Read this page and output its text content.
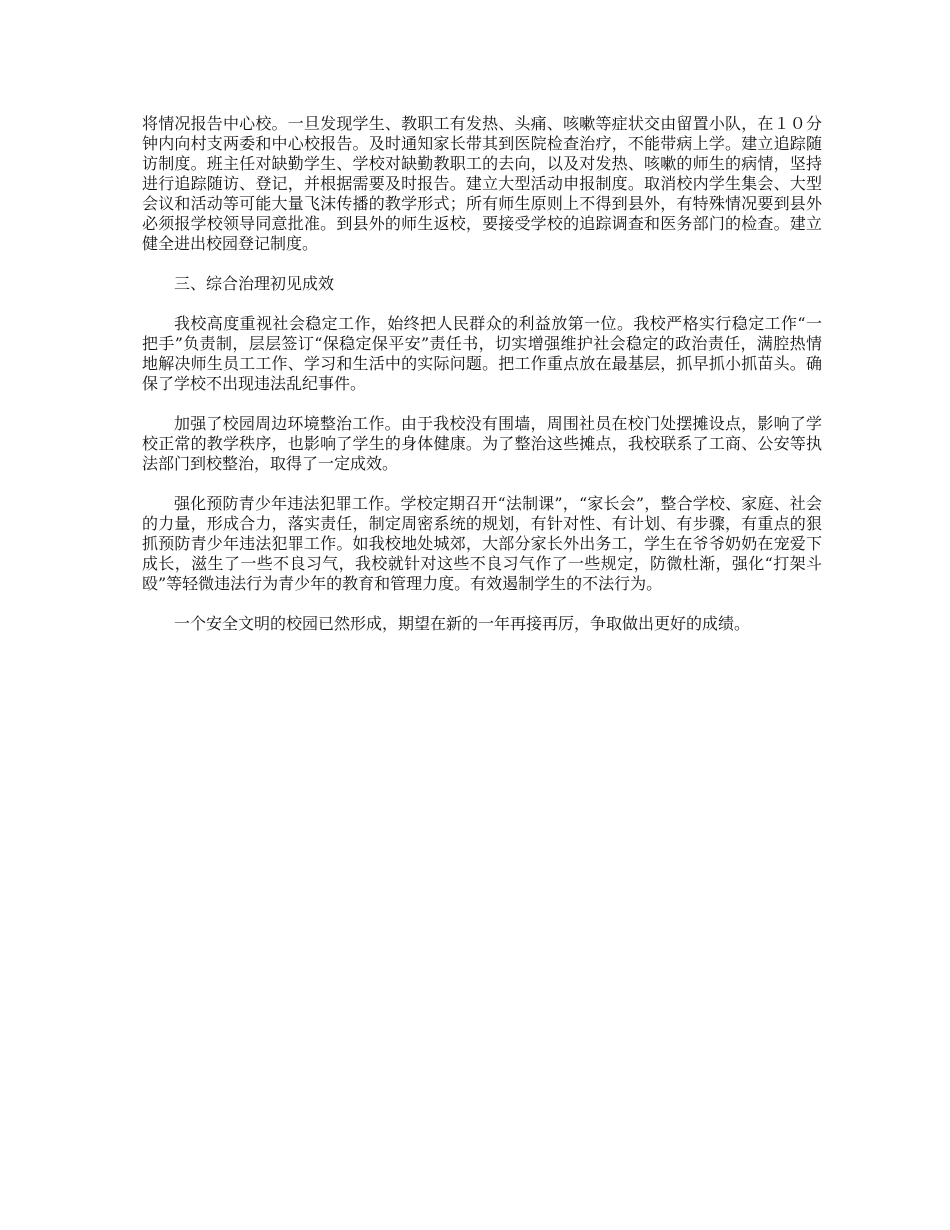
将情况报告中心校。一旦发现学生、教职工有发热、头痛、咳嗽等症状交由留置小队，在１０分钟内向村支两委和中心校报告。及时通知家长带其到医院检查治疗，不能带病上学。建立追踪随访制度。班主任对缺勤学生、学校对缺勤教职工的去向，以及对发热、咳嗽的师生的病情，坚持进行追踪随访、登记，并根据需要及时报告。建立大型活动申报制度。取消校内学生集会、大型会议和活动等可能大量飞沫传播的教学形式；所有师生原则上不得到县外，有特殊情况要到县外必须报学校领导同意批准。到县外的师生返校，要接受学校的追踪调查和医务部门的检查。建立健全进出校园登记制度。

三、综合治理初见成效

我校高度重视社会稳定工作，始终把人民群众的利益放第一位。我校严格实行稳定工作“一把手”负责制，层层签订“保稳定保平安”责任书，切实增强维护社会稳定的政治责任，满腔热情地解决师生员工工作、学习和生活中的实际问题。把工作重点放在最基层，抓早抓小抓苗头。确保了学校不出现违法乱纪事件。

加强了校园周边环境整治工作。由于我校没有围墙，周围社员在校门处摆摊设点，影响了学校正常的教学秩序，也影响了学生的身体健康。为了整治这些摊点，我校联系了工商、公安等执法部门到校整治，取得了一定成效。

强化预防青少年违法犯罪工作。学校定期召开“法制课”，“家长会”，整合学校、家庭、社会的力量，形成合力，落实责任，制定周密系统的规划，有针对性、有计划、有步骤，有重点的狠抓预防青少年违法犯罪工作。如我校地处城郊，大部分家长外出务工，学生在爷爷奶奶在宠爱下成长，滋生了一些不良习气，我校就针对这些不良习气作了一些规定，防微杜渐，强化“打架斗殴”等轻微违法行为青少年的教育和管理力度。有效遏制学生的不法行为。

一个安全文明的校园已然形成，期望在新的一年再接再厉，争取做出更好的成绩。
